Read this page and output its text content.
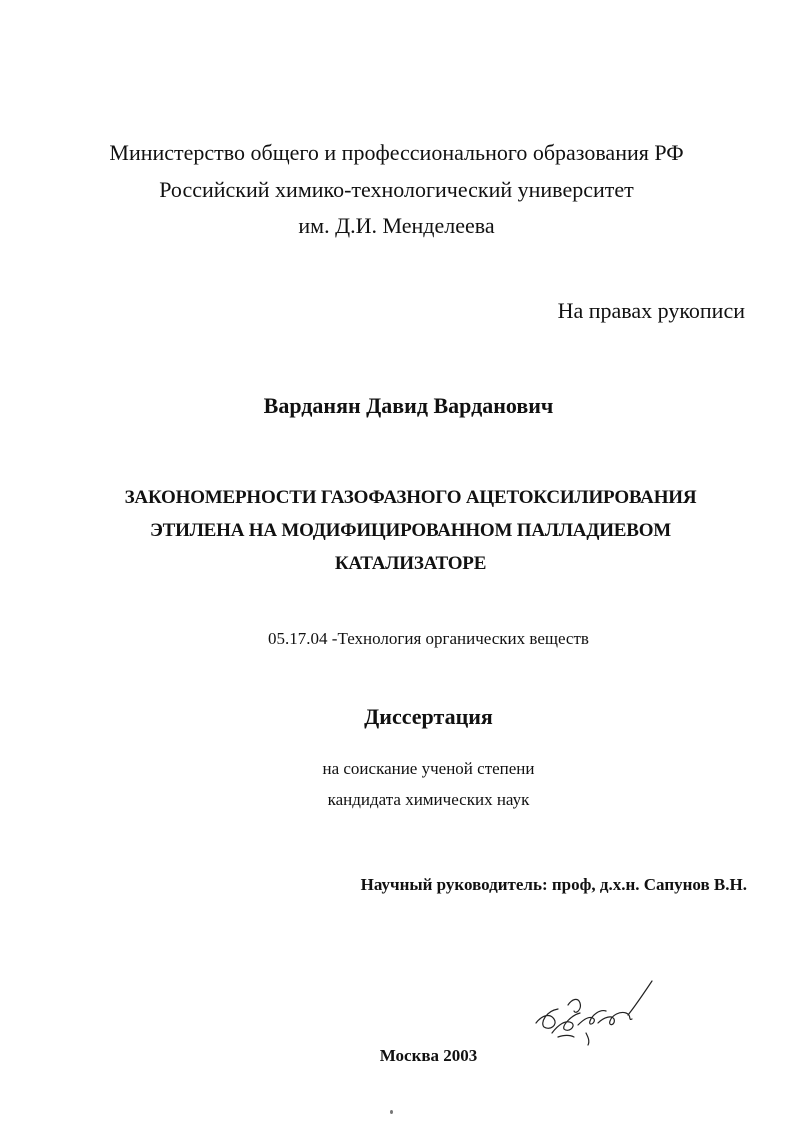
Министерство общего и профессионального образования РФ
Российский химико-технологический университет
им. Д.И. Менделеева
На правах рукописи
Варданян Давид Варданович
ЗАКОНОМЕРНОСТИ ГАЗОФАЗНОГО АЦЕТОКСИЛИРОВАНИЯ
ЭТИЛЕНА НА МОДИФИЦИРОВАННОМ ПАЛЛАДИЕВОМ
КАТАЛИЗАТОРЕ
05.17.04 -Технология органических веществ
Диссертация
на соискание ученой степени
кандидата химических наук
Научный руководитель: проф, д.х.н. Сапунов В.Н.
Москва 2003
